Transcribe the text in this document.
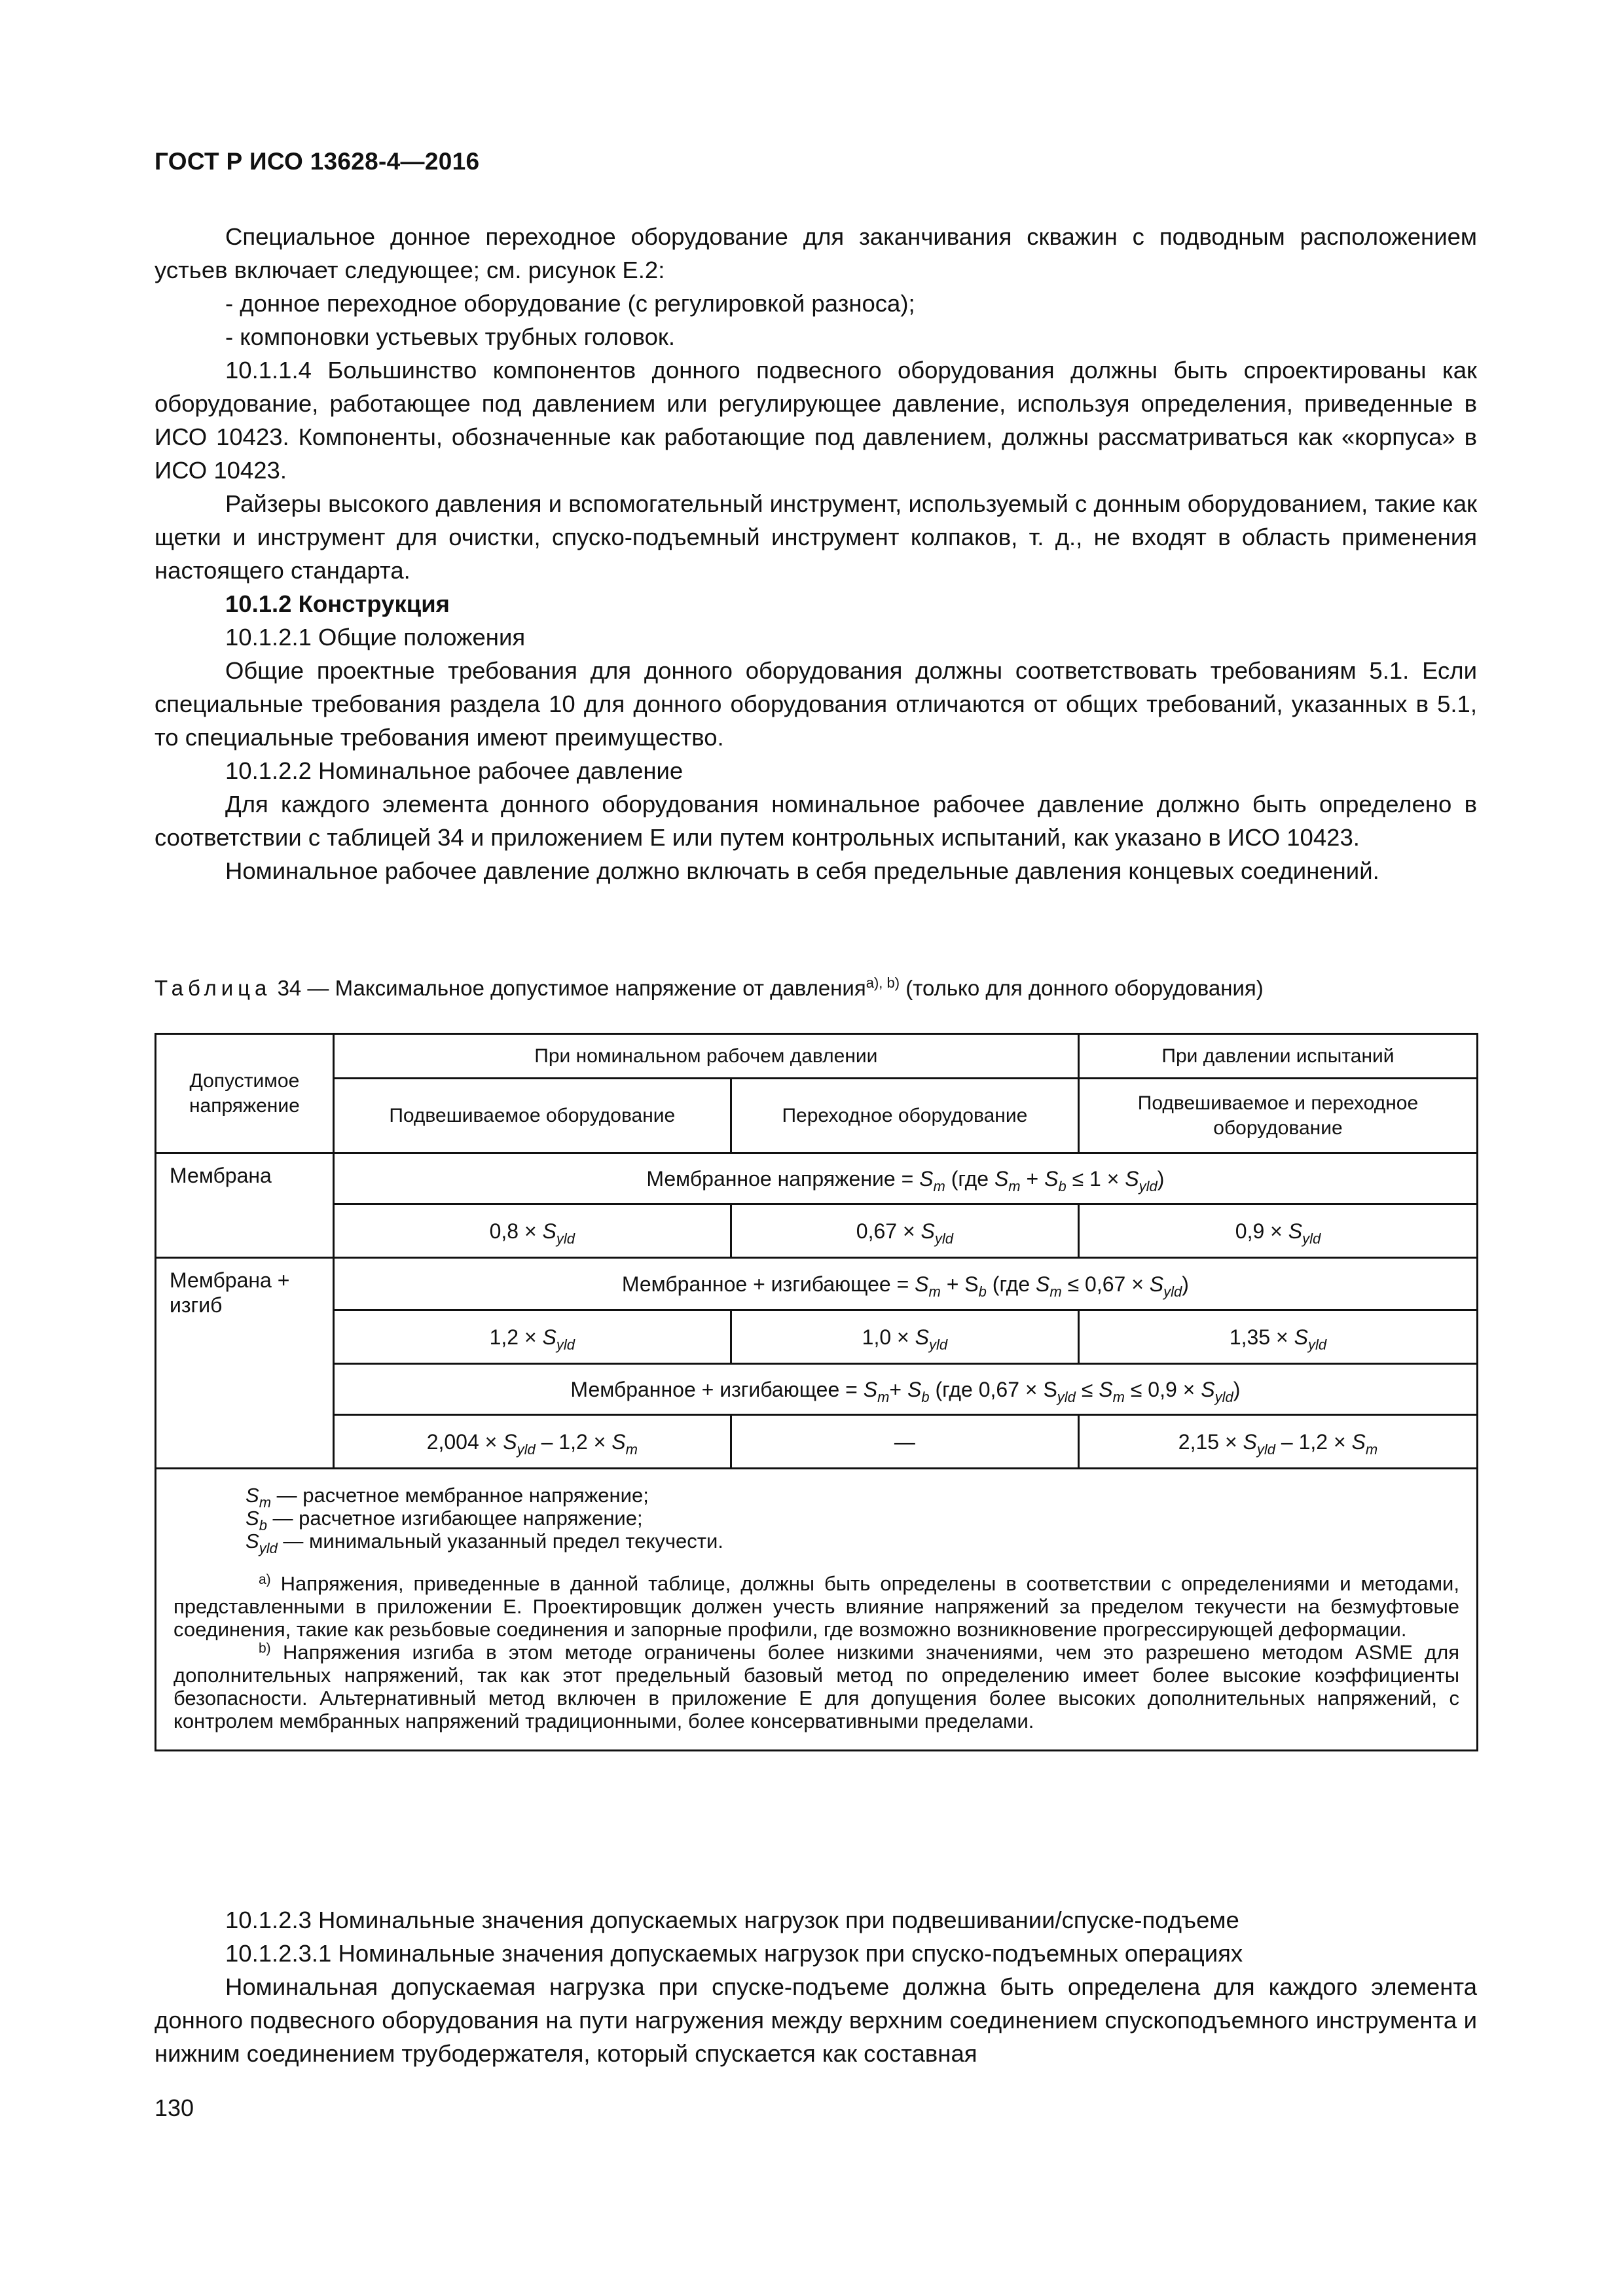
ГОСТ Р ИСО 13628-4—2016

Специальное донное переходное оборудование для заканчивания скважин с подводным расположением устьев включает следующее; см. рисунок Е.2:

- донное переходное оборудование (с регулировкой разноса);

- компоновки устьевых трубных головок.

10.1.1.4 Большинство компонентов донного подвесного оборудования должны быть спроектированы как оборудование, работающее под давлением или регулирующее давление, используя определения, приведенные в ИСО 10423. Компоненты, обозначенные как работающие под давлением, должны рассматриваться как «корпуса» в ИСО 10423.

Райзеры высокого давления и вспомогательный инструмент, используемый с донным оборудованием, такие как щетки и инструмент для очистки, спуско-подъемный инструмент колпаков, т. д., не входят в область применения настоящего стандарта.

10.1.2 Конструкция

10.1.2.1 Общие положения

Общие проектные требования для донного оборудования должны соответствовать требованиям 5.1. Если специальные требования раздела 10 для донного оборудования отличаются от общих требований, указанных в 5.1, то специальные требования имеют преимущество.

10.1.2.2 Номинальное рабочее давление

Для каждого элемента донного оборудования номинальное рабочее давление должно быть определено в соответствии с таблицей 34 и приложением Е или путем контрольных испытаний, как указано в ИСО 10423.

Номинальное рабочее давление должно включать в себя предельные давления концевых соединений.

Таблица 34 — Максимальное допустимое напряжение от давления$^{a), b)}$ (только для донного оборудования)
Допустимое напряжение	При номинальном рабочем давлении		При давлении испытаний
	Подвешиваемое оборудование	Переходное оборудование	Подвешиваемое и переходное оборудование
Мембрана	Мембранное напряжение = $S_m$ (где $S_m + S_b \le 1 \times S_{yld}$)		
	$0,8 \times S_{yld}$	$0,67 \times S_{yld}$	$0,9 \times S_{yld}$
Мембрана + изгиб	Мембранное + изгибающее = $S_m + S_b$ (где $S_m \le 0,67 \times S_{yld}$)		
	$1,2 \times S_{yld}$	$1,0 \times S_{yld}$	$1,35 \times S_{yld}$
	Мембранное + изгибающее = $S_m+ S_b$ (где $0,67 \times S_{yld} \le S_m \le 0,9 \times S_{yld}$)		
	$2,004 \times S_{yld} - 1,2 \times S_m$	—	$2,15 \times S_{yld} - 1,2 \times S_m$

$S_m$ — расчетное мембранное напряжение;
$S_b$ — расчетное изгибающее напряжение;
$S_{yld}$ — минимальный указанный предел текучести.
$^{a)}$ Напряжения, приведенные в данной таблице, должны быть определены в соответствии с определениями и методами, представленными в приложении Е. Проектировщик должен учесть влияние напряжений за пределом текучести на безмуфтовые соединения, такие как резьбовые соединения и запорные профили, где возможно возникновение прогрессирующей деформации.
$^{b)}$ Напряжения изгиба в этом методе ограничены более низкими значениями, чем это разрешено методом ASME для дополнительных напряжений, так как этот предельный базовый метод по определению имеет более высокие коэффициенты безопасности. Альтернативный метод включен в приложение Е для допущения более высоких дополнительных напряжений, с контролем мембранных напряжений традиционными, более консервативными пределами.			

10.1.2.3 Номинальные значения допускаемых нагрузок при подвешивании/спуске-подъеме

10.1.2.3.1 Номинальные значения допускаемых нагрузок при спуско-подъемных операциях

Номинальная допускаемая нагрузка при спуске-подъеме должна быть определена для каждого элемента донного подвесного оборудования на пути нагружения между верхним соединением спускоподъемного инструмента и нижним соединением трубодержателя, который спускается как составная

130
